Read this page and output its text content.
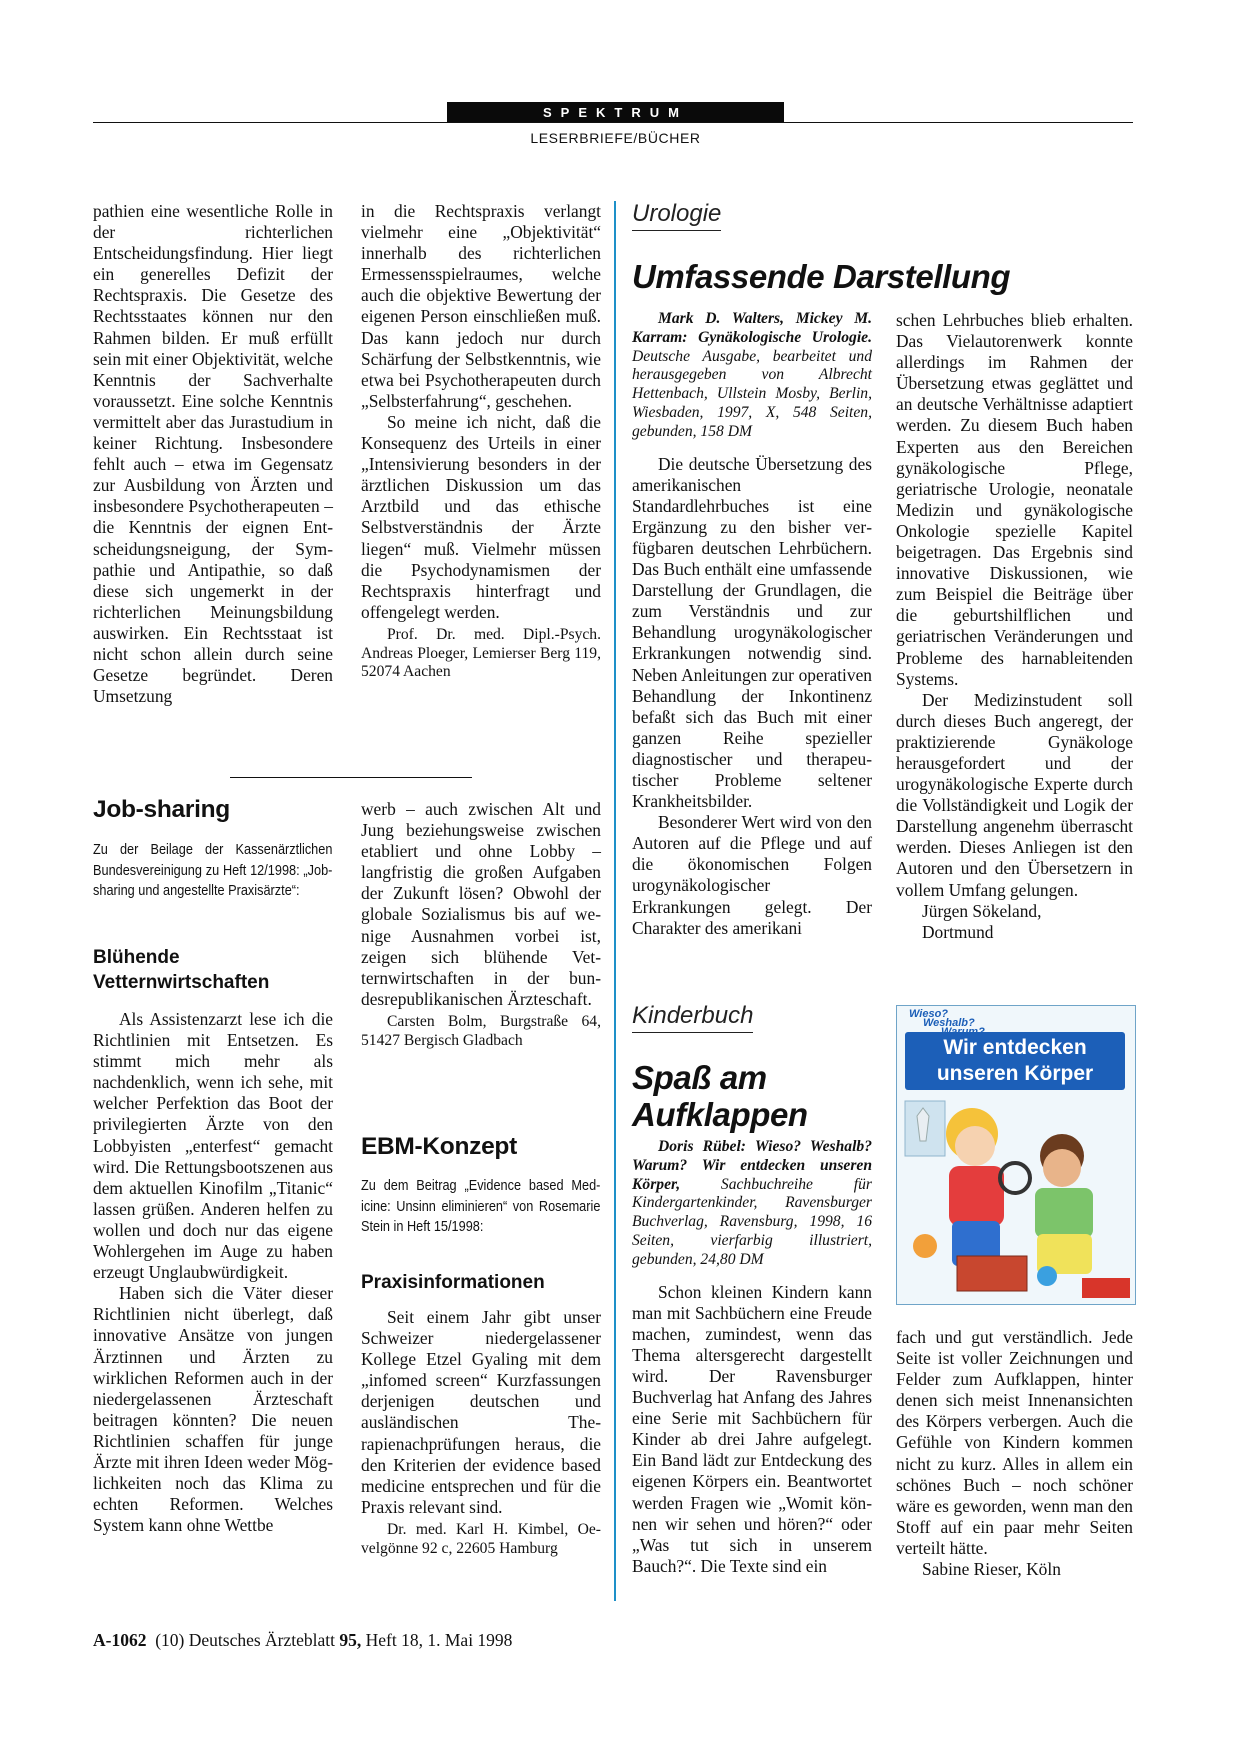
SPEKTRUM
LESERBRIEFE/BÜCHER

pathien eine wesentliche Rolle in der richterlichen Entscheidungsfindung. Hier liegt ein generelles Defizit der Rechtspraxis. Die Gesetze des Rechtsstaates können nur den Rahmen bilden. Er muß erfüllt sein mit einer Objektivität, welche Kenntnis der Sachverhalte voraussetzt. Eine solche Kenntnis vermittelt aber das Jurastudium in keiner Richtung. Insbesondere fehlt auch – etwa im Gegensatz zur Ausbildung von Ärzten und insbesondere Psychotherapeuten – die Kenntnis der eignen Entscheidungsneigung, der Sympathie und Antipathie, so daß diese sich ungemerkt in der richterlichen Meinungsbildung auswirken. Ein Rechtsstaat ist nicht schon allein durch seine Gesetze begründet. Deren Umsetzung

in die Rechtspraxis verlangt vielmehr eine „Objektivität“ innerhalb des richterlichen Ermessensspielraumes, welche auch die objektive Bewertung der eigenen Person einschließen muß. Das kann jedoch nur durch Schärfung der Selbstkenntnis, wie etwa bei Psychotherapeuten durch „Selbsterfahrung“, geschehen.

So meine ich nicht, daß die Konsequenz des Urteils in einer „Intensivierung besonders in der ärztlichen Diskussion um das Arztbild und das ethische Selbstverständnis der Ärzte liegen“ muß. Vielmehr müssen die Psychodynamismen der Rechtspraxis hinterfragt und offengelegt werden.

Prof. Dr. med. Dipl.-Psych. Andreas Ploeger, Lemierser Berg 119, 52074 Aachen

Job-sharing
Zu der Beilage der Kassenärztlichen Bundesvereinigung zu Heft 12/1998: „Job-sharing und angestellte Praxisärzte“:
Blühende Vetternwirtschaften

Als Assistenzarzt lese ich die Richtlinien mit Entsetzen. Es stimmt mich mehr als nachdenklich, wenn ich sehe, mit welcher Perfektion das Boot der privilegierten Ärzte von den Lobbyisten „enterfest“ gemacht wird. Die Rettungsbootszenen aus dem aktuellen Kinofilm „Titanic“ lassen grüßen. Anderen helfen zu wollen und doch nur das eigene Wohlergehen im Auge zu haben erzeugt Unglaubwürdigkeit.

Haben sich die Väter dieser Richtlinien nicht überlegt, daß innovative Ansätze von jungen Ärztinnen und Ärzten zu wirklichen Reformen auch in der niedergelassenen Ärzteschaft beitragen könnten? Die neuen Richtlinien schaffen für junge Ärzte mit ihren Ideen weder Möglichkeiten noch das Klima zu echten Reformen. Welches System kann ohne Wettbe

werb – auch zwischen Alt und Jung beziehungsweise zwischen etabliert und ohne Lobby – langfristig die großen Aufgaben der Zukunft lösen? Obwohl der globale Sozialismus bis auf wenige Ausnahmen vorbei ist, zeigen sich blühende Vetternwirtschaften in der bundesrepublikanischen Ärzteschaft.

Carsten Bolm, Burgstraße 64, 51427 Bergisch Gladbach

EBM-Konzept
Zu dem Beitrag „Evidence based Medicine: Unsinn eliminieren“ von Rosemarie Stein in Heft 15/1998:
Praxisinformationen

Seit einem Jahr gibt unser Schweizer niedergelassener Kollege Etzel Gyaling mit dem „infomed screen“ Kurzfassungen derjenigen deutschen und ausländischen Therapienachprüfungen heraus, die den Kriterien der evidence based medicine entsprechen und für die Praxis relevant sind.

Dr. med. Karl H. Kimbel, Oevelgönne 92 c, 22605 Hamburg

Urologie
Umfassende Darstellung

Mark D. Walters, Mickey M. Karram: Gynäkologische Urologie. Deutsche Ausgabe, bearbeitet und herausgegeben von Albrecht Hettenbach, Ullstein Mosby, Berlin, Wiesbaden, 1997, X, 548 Seiten, gebunden, 158 DM

Die deutsche Übersetzung des amerikanischen Standardlehrbuches ist eine Ergänzung zu den bisher verfügbaren deutschen Lehrbüchern. Das Buch enthält eine umfassende Darstellung der Grundlagen, die zum Verständnis und zur Behandlung urogynäkologischer Erkrankungen notwendig sind. Neben Anleitungen zur operativen Behandlung der Inkontinenz befaßt sich das Buch mit einer ganzen Reihe spezieller diagnostischer und therapeutischer Probleme seltener Krankheitsbilder.

Besonderer Wert wird von den Autoren auf die Pflege und auf die ökonomischen Folgen urogynäkologischer Erkrankungen gelegt. Der Charakter des amerikani

schen Lehrbuches blieb erhalten. Das Vielautorenwerk konnte allerdings im Rahmen der Übersetzung etwas geglättet und an deutsche Verhältnisse adaptiert werden. Zu diesem Buch haben Experten aus den Bereichen gynäkologische Pflege, geriatrische Urologie, neonatale Medizin und gynäkologische Onkologie spezielle Kapitel beigetragen. Das Ergebnis sind innovative Diskussionen, wie zum Beispiel die Beiträge über die geburtshilflichen und geriatrischen Veränderungen und Probleme des harnableitenden Systems.

Der Medizinstudent soll durch dieses Buch angeregt, der praktizierende Gynäkologe herausgefordert und der urogynäkologische Experte durch die Vollständigkeit und Logik der Darstellung angenehm überrascht werden. Dieses Anliegen ist den Autoren und den Übersetzern in vollem Umfang gelungen.

Jürgen Sökeland,

Dortmund

Kinderbuch
Spaß am
Aufklappen

Doris Rübel: Wieso? Weshalb? Warum? Wir entdecken unseren Körper, Sachbuchreihe für Kindergartenkinder, Ravensburger Buchverlag, Ravensburg, 1998, 16 Seiten, vierfarbig illustriert, gebunden, 24,80 DM

Schon kleinen Kindern kann man mit Sachbüchern eine Freude machen, zumindest, wenn das Thema altersgerecht dargestellt wird. Der Ravensburger Buchverlag hat Anfang des Jahres eine Serie mit Sachbüchern für Kinder ab drei Jahre aufgelegt. Ein Band lädt zur Entdeckung des eigenen Körpers ein. Beantwortet werden Fragen wie „Womit können wir sehen und hören?“ oder „Was tut sich in unserem Bauch?“. Die Texte sind ein

fach und gut verständlich. Jede Seite ist voller Zeichnungen und Felder zum Aufklappen, hinter denen sich meist Innenansichten des Körpers verbergen. Auch die Gefühle von Kindern kommen nicht zu kurz. Alles in allem ein schönes Buch – noch schöner wäre es geworden, wenn man den Stoff auf ein paar mehr Seiten verteilt hätte.

Sabine Rieser, Köln

Wieso?
Weshalb?
Wir entdecken
unseren Körper
A-1062 (10) Deutsches Ärzteblatt 95, Heft 18, 1. Mai 1998
